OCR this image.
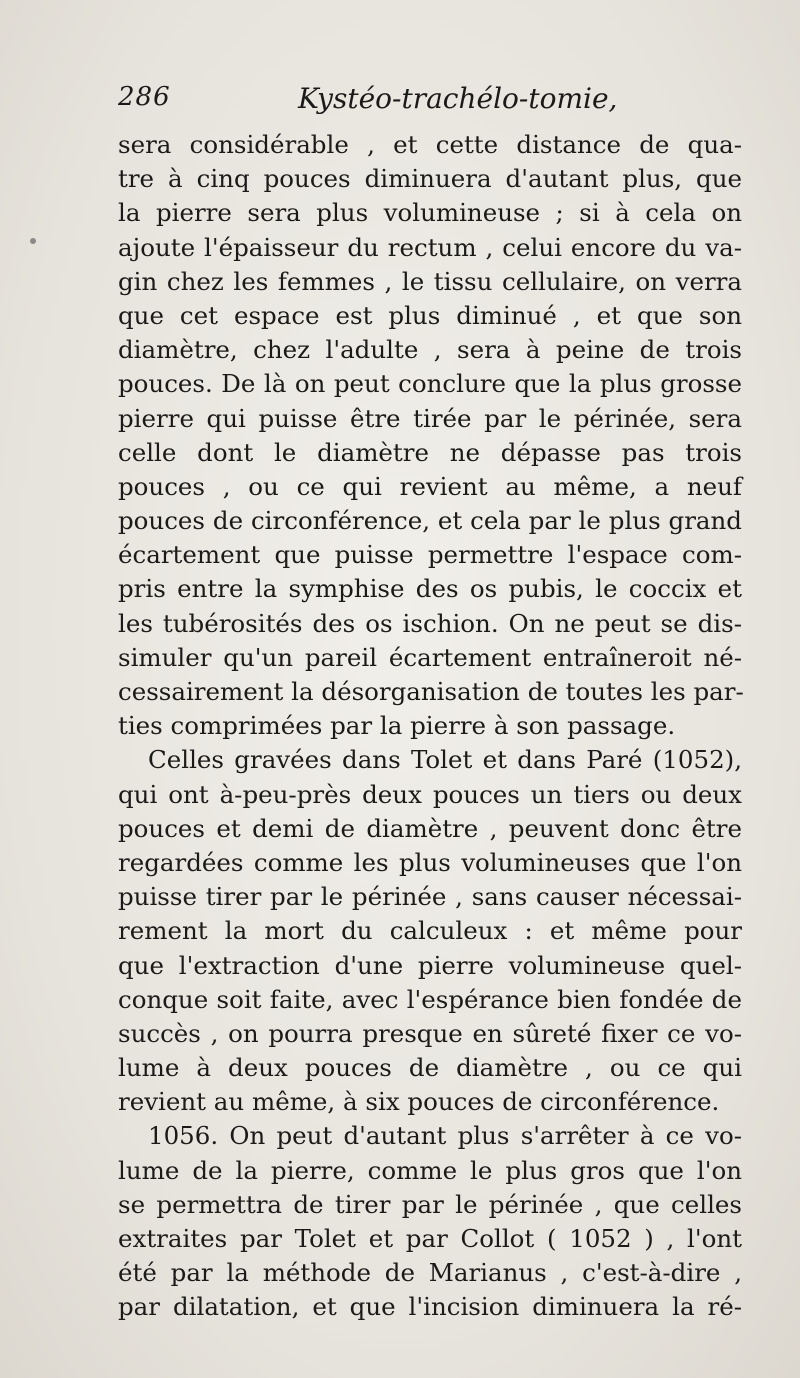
286	Kystéo-trachélo-tomie,
sera considérable , et cette distance de qua-
tre à cinq pouces diminuera d'autant plus, que
la pierre sera plus volumineuse ; si à cela on
ajoute l'épaisseur du rectum , celui encore du va-
gin chez les femmes , le tissu cellulaire, on verra
que cet espace est plus diminué , et que son
diamètre, chez l'adulte , sera à peine de trois
pouces. De là on peut conclure que la plus grosse
pierre qui puisse être tirée par le périnée, sera
celle dont le diamètre ne dépasse pas trois
pouces , ou ce qui revient au même, a neuf
pouces de circonférence, et cela par le plus grand
écartement que puisse permettre l'espace com-
pris entre la symphise des os pubis, le coccix et
les tubérosités des os ischion. On ne peut se dis-
simuler qu'un pareil écartement entraîneroit né-
cessairement la désorganisation de toutes les par-
ties comprimées par la pierre à son passage.
Celles gravées dans Tolet et dans Paré (1052),
qui ont à-peu-près deux pouces un tiers ou deux
pouces et demi de diamètre , peuvent donc être
regardées comme les plus volumineuses que l'on
puisse tirer par le périnée , sans causer nécessai-
rement la mort du calculeux : et même pour
que l'extraction d'une pierre volumineuse quel-
conque soit faite, avec l'espérance bien fondée de
succès , on pourra presque en sûreté fixer ce vo-
lume à deux pouces de diamètre , ou ce qui
revient au même, à six pouces de circonférence.
1056. On peut d'autant plus s'arrêter à ce vo-
lume de la pierre, comme le plus gros que l'on
se permettra de tirer par le périnée , que celles
extraites par Tolet et par Collot ( 1052 ) , l'ont
été par la méthode de Marianus , c'est-à-dire ,
par dilatation, et que l'incision diminuera la ré-
